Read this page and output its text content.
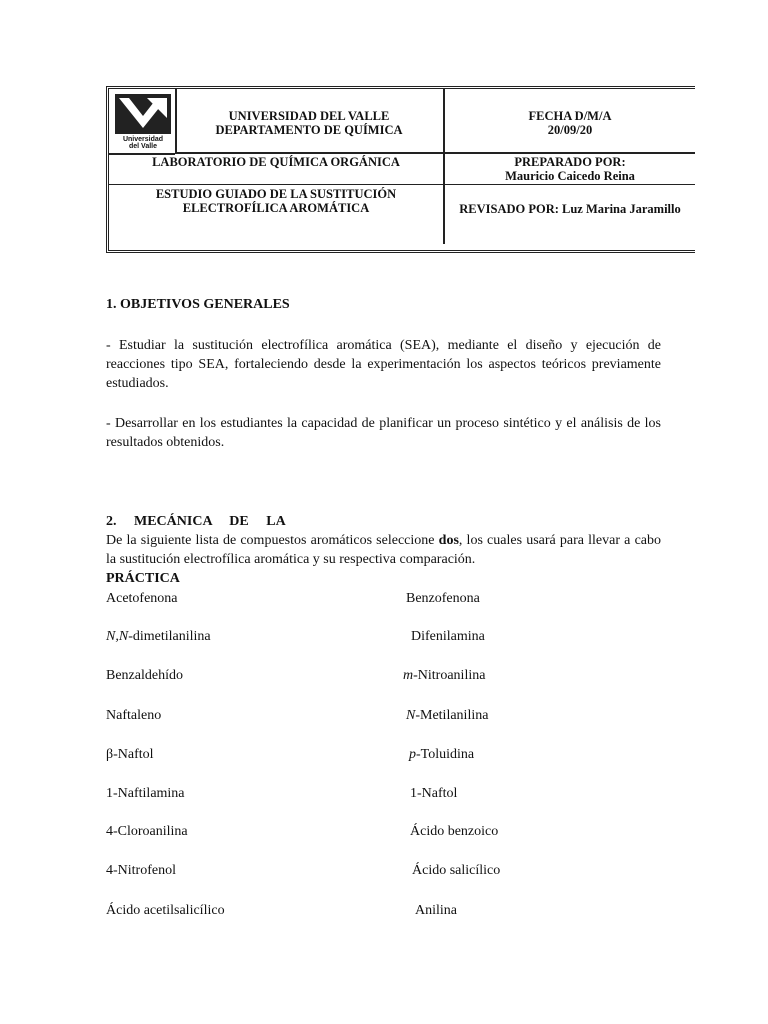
Universidad
del Valle
UNIVERSIDAD DEL VALLE
DEPARTAMENTO DE QUÍMICA
FECHA D/M/A
20/09/20
LABORATORIO DE QUÍMICA ORGÁNICA	PREPARADO POR:
Mauricio Caicedo Reina
ESTUDIO GUIADO DE LA SUSTITUCIÓN
ELECTROFÍLICA AROMÁTICA	REVISADO POR: Luz Marina Jaramillo
1. OBJETIVOS GENERALES
- Estudiar la sustitución electrofílica aromática (SEA), mediante el diseño y ejecución de reacciones tipo SEA, fortaleciendo desde la experimentación los aspectos teóricos previamente estudiados.
- Desarrollar en los estudiantes la capacidad de planificar un proceso sintético y el análisis de los resultados obtenidos.

2.     MECÁNICA     DE     LA

PRÁCTICA

De la siguiente lista de compuestos aromáticos seleccione dos, los cuales usará para llevar a cabo la sustitución electrofílica aromática y su respectiva comparación.
Acetofenona
N,N-dimetilanilina
Benzaldehído
Naftaleno
β-Naftol
1-Naftilamina
4-Cloroanilina
4-Nitrofenol
Ácido acetilsalicílico
Benzofenona
Difenilamina
m-Nitroanilina
N-Metilanilina
p-Toluidina
1-Naftol
Ácido benzoico
Ácido salicílico
Anilina
